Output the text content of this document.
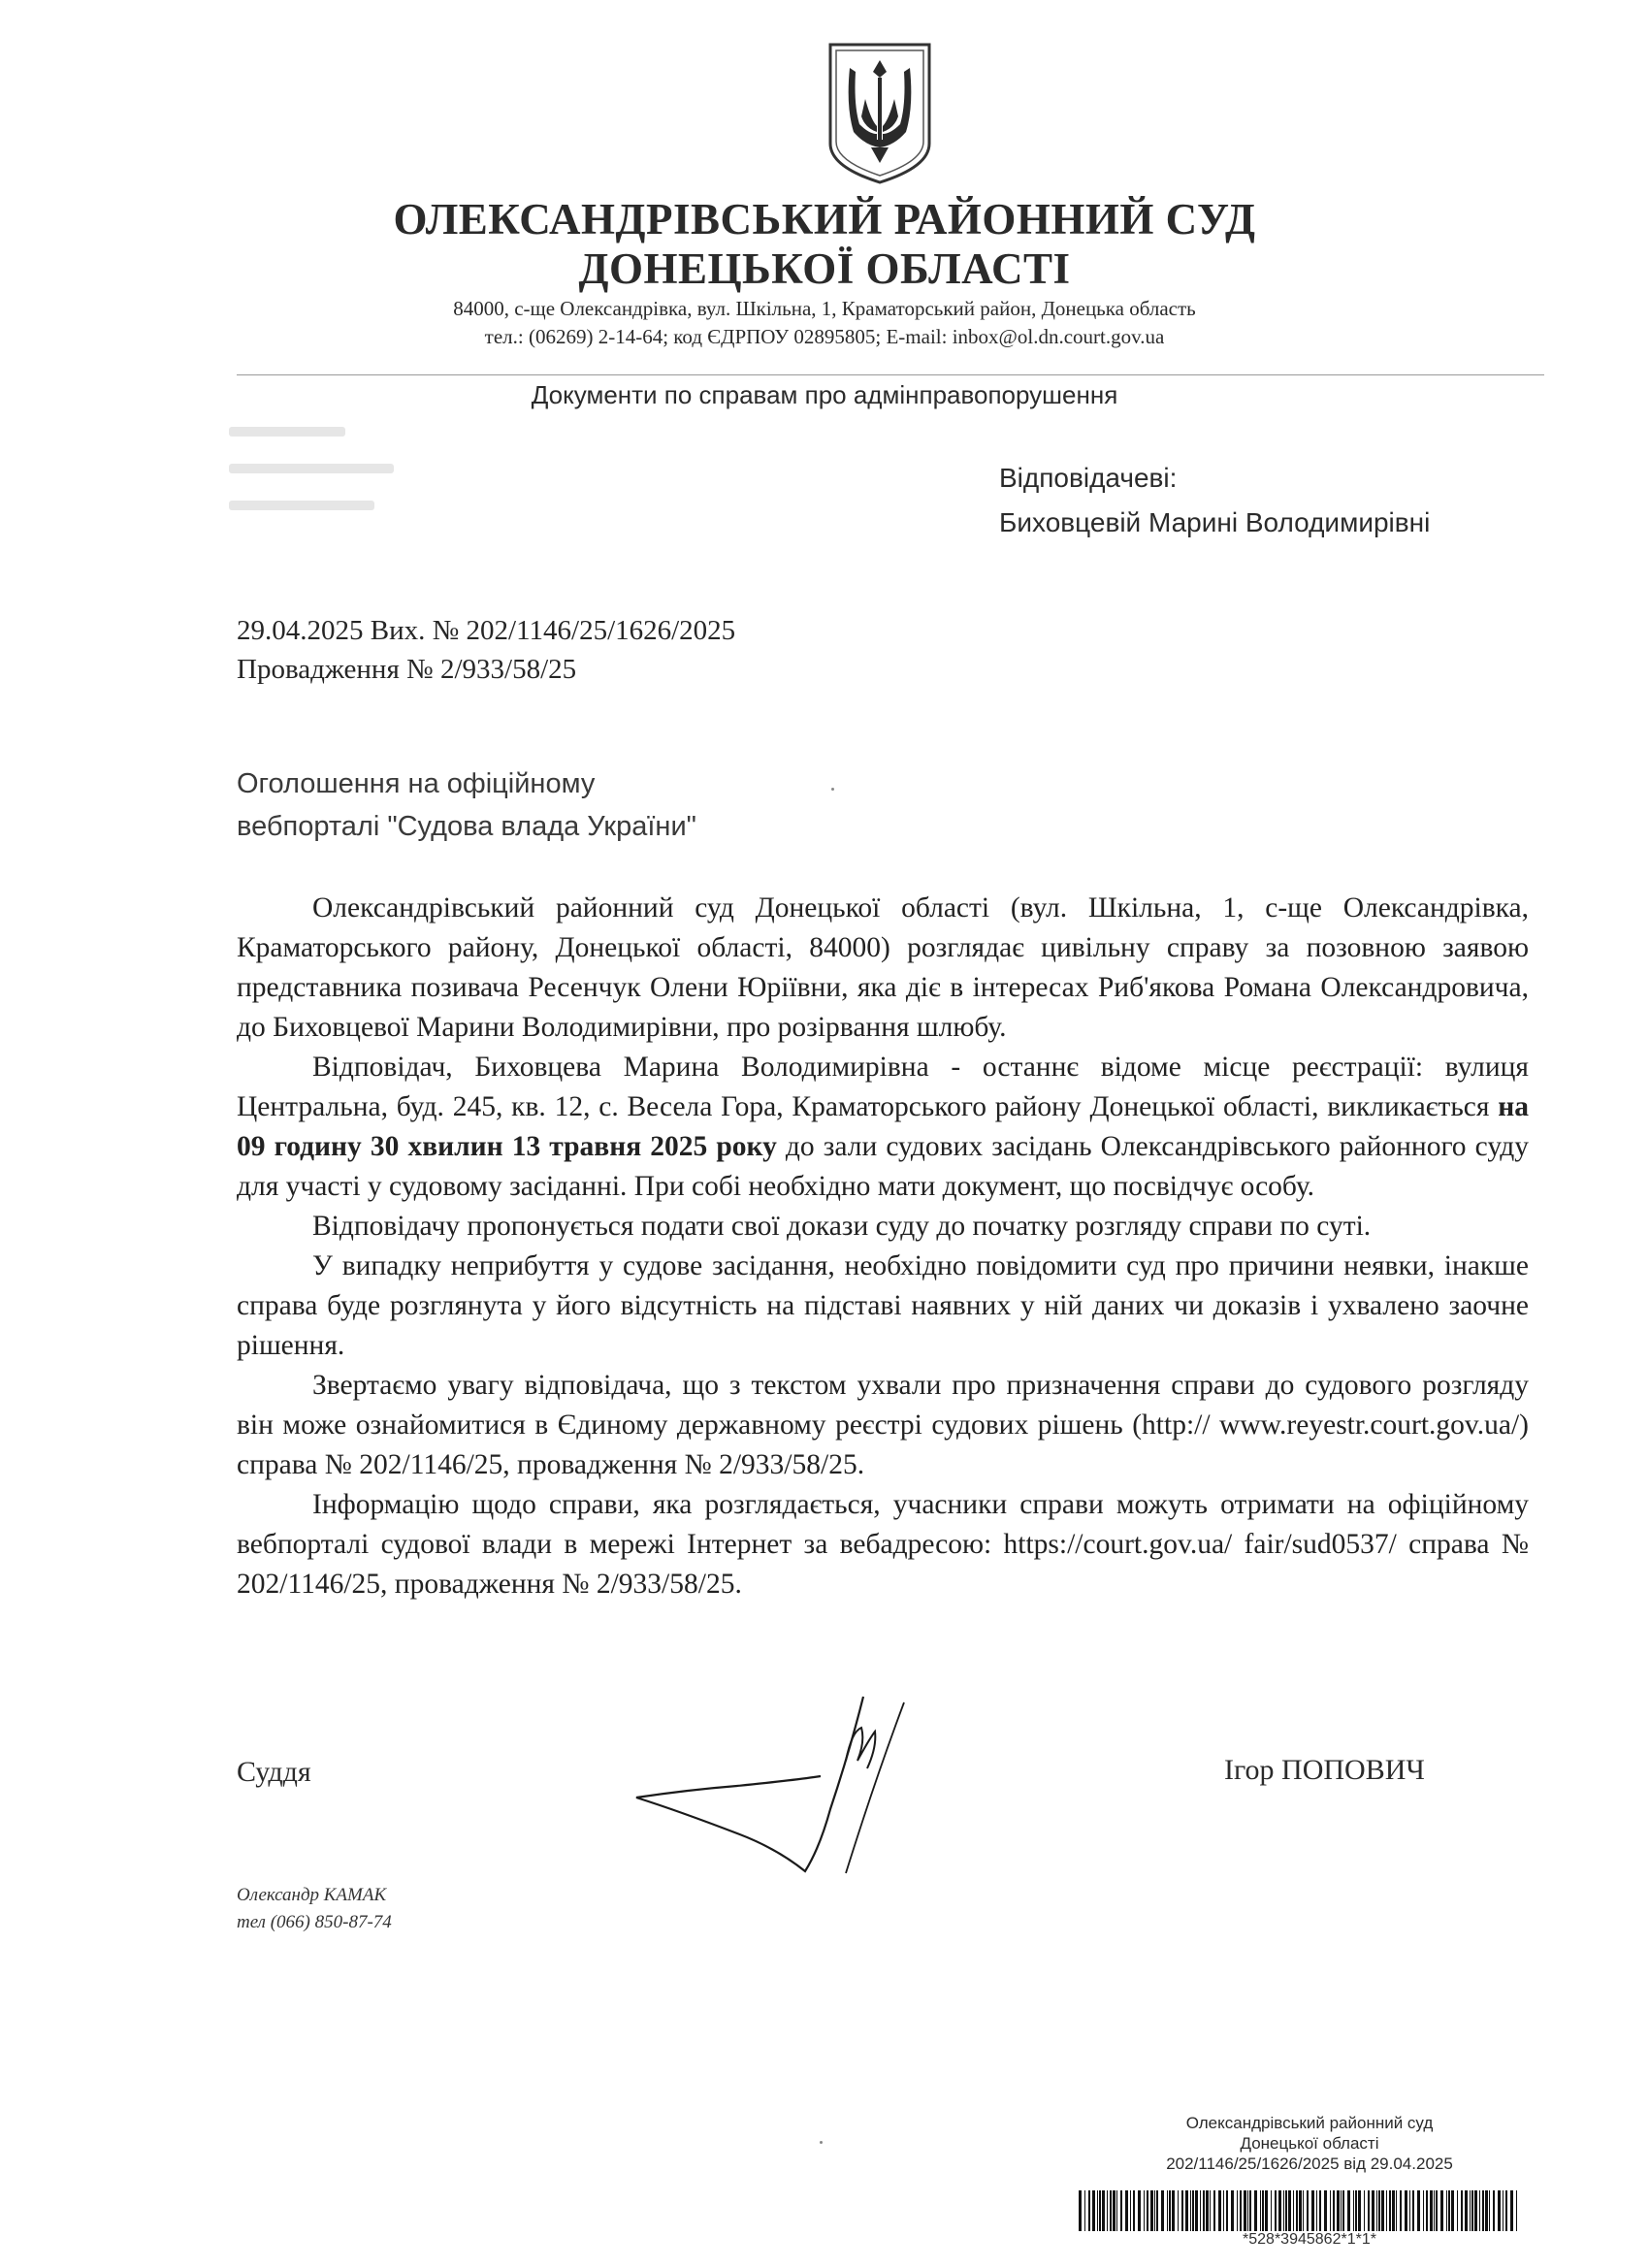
ОЛЕКСАНДРІВСЬКИЙ РАЙОННИЙ СУД
ДОНЕЦЬКОЇ ОБЛАСТІ
84000, с-ще Олександрівка, вул. Шкільна, 1, Краматорський район, Донецька область
тел.: (06269) 2-14-64; код ЄДРПОУ 02895805; E-mail: inbox@ol.dn.court.gov.ua
Документи по справам про адмінправопорушення
Відповідачеві:
Биховцевій Марині Володимирівні
29.04.2025 Вих. № 202/1146/25/1626/2025
Провадження № 2/933/58/25
Оголошення на офіційному
вебпорталі "Судова влада України"

Олександрівський районний суд Донецької області (вул. Шкільна, 1, с-ще Олександрівка, Краматорського району, Донецької області, 84000) розглядає цивільну справу за позовною заявою представника позивача Ресенчук Олени Юріївни, яка діє в інтересах Риб'якова Романа Олександровича, до Биховцевої Марини Володимирівни, про розірвання шлюбу.

Відповідач, Биховцева Марина Володимирівна - останнє відоме місце реєстрації: вулиця Центральна, буд. 245, кв. 12, с. Весела Гора, Краматорського району Донецької області, викликається на 09 годину 30 хвилин 13 травня 2025 року до зали судових засідань Олександрівського районного суду для участі у судовому засіданні. При собі необхідно мати документ, що посвідчує особу.

Відповідачу пропонується подати свої докази суду до початку розгляду справи по суті.

У випадку неприбуття у судове засідання, необхідно повідомити суд про причини неявки, інакше справа буде розглянута у його відсутність на підставі наявних у ній даних чи доказів і ухвалено заочне рішення.

Звертаємо увагу відповідача, що з текстом ухвали про призначення справи до судового розгляду він може ознайомитися в Єдиному державному реєстрі судових рішень (http:// www.reyestr.court.gov.ua/) справа № 202/1146/25, провадження № 2/933/58/25.

Інформацію щодо справи, яка розглядається, учасники справи можуть отримати на офіційному вебпорталі судової влади в мережі Інтернет за вебадресою: https://court.gov.ua/ fair/sud0537/ справа № 202/1146/25, провадження № 2/933/58/25.

Суддя	Ігор ПОПОВИЧ
Олександр КАМАК
тел (066) 850-87-74
Олександрівський районний суд
Донецької області
202/1146/25/1626/2025 від 29.04.2025
*528*3945862*1*1*
